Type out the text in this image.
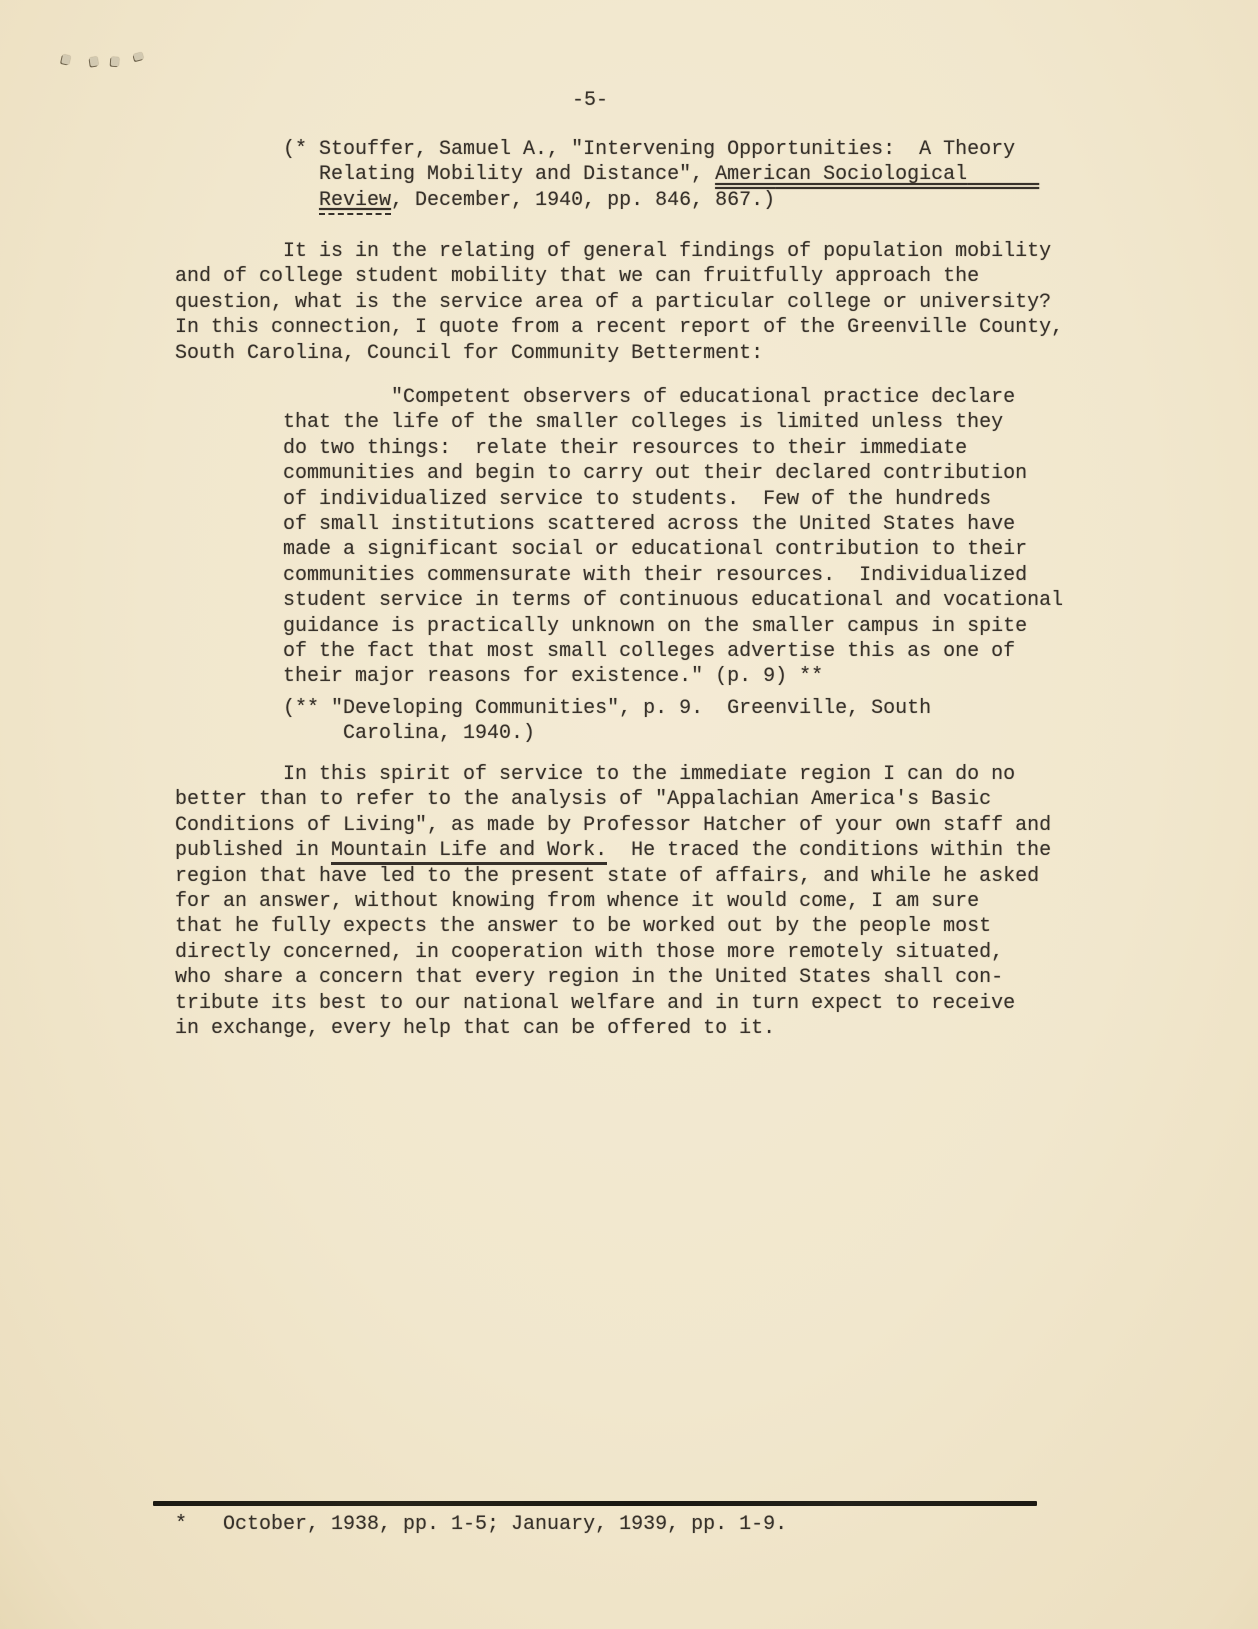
-5-
(* Stouffer, Samuel A., "Intervening Opportunities:  A Theory
Relating Mobility and Distance", American Sociological
Review, December, 1940, pp. 846, 867.)
It is in the relating of general findings of population mobility
and of college student mobility that we can fruitfully approach the
question, what is the service area of a particular college or university?
In this connection, I quote from a recent report of the Greenville County,
South Carolina, Council for Community Betterment:
"Competent observers of educational practice declare
that the life of the smaller colleges is limited unless they
do two things:  relate their resources to their immediate
communities and begin to carry out their declared contribution
of individualized service to students.  Few of the hundreds
of small institutions scattered across the United States have
made a significant social or educational contribution to their
communities commensurate with their resources.  Individualized
student service in terms of continuous educational and vocational
guidance is practically unknown on the smaller campus in spite
of the fact that most small colleges advertise this as one of
their major reasons for existence." (p. 9) **
(** "Developing Communities", p. 9.  Greenville, South
Carolina, 1940.)
In this spirit of service to the immediate region I can do no
better than to refer to the analysis of "Appalachian America's Basic
Conditions of Living", as made by Professor Hatcher of your own staff and
published in Mountain Life and Work.  He traced the conditions within the
region that have led to the present state of affairs, and while he asked
for an answer, without knowing from whence it would come, I am sure
that he fully expects the answer to be worked out by the people most
directly concerned, in cooperation with those more remotely situated,
who share a concern that every region in the United States shall con-
tribute its best to our national welfare and in turn expect to receive
in exchange, every help that can be offered to it.
*   October, 1938, pp. 1-5; January, 1939, pp. 1-9.
